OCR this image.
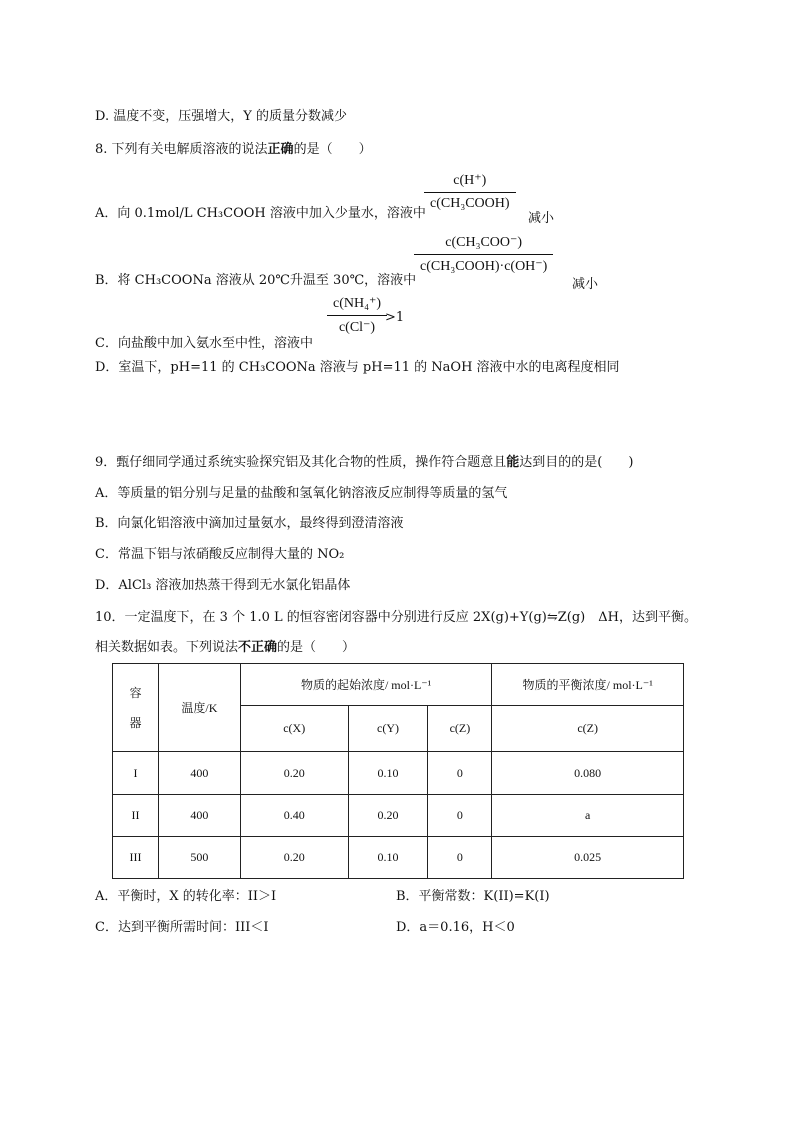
D. 温度不变，压强增大，Y 的质量分数减少
8. 下列有关电解质溶液的说法正确的是（　　）
A．向 0.1mol/L CH₃COOH 溶液中加入少量水，溶液中
c(H⁺)
c(CH₃COOH)
减小
B．将 CH₃COONa 溶液从 20℃升温至 30℃，溶液中
c(CH₃COO⁻)
c(CH₃COOH)·c(OH⁻)
减小
C．向盐酸中加入氨水至中性，溶液中
$\frac{\text{c(NH₄⁺)}}{c(Cl^-)}$
>1
D．室温下，pH=11 的 CH₃COONa 溶液与 pH=11 的 NaOH 溶液中水的电离程度相同
9．甄仔细同学通过系统实验探究铝及其化合物的性质，操作符合题意且能达到目的的是(　　)
A．等质量的铝分别与足量的盐酸和氢氧化钠溶液反应制得等质量的氢气
B．向氯化铝溶液中滴加过量氨水，最终得到澄清溶液
C．常温下铝与浓硝酸反应制得大量的 NO₂
D．AlCl₃ 溶液加热蒸干得到无水氯化铝晶体
10．一定温度下，在 3 个 1.0 L 的恒容密闭容器中分别进行反应 2X(g)+Y(g)⇋Z(g)　ΔH，达到平衡。
相关数据如表。下列说法不正确的是（　　）
容器	温度/K	物质的起始浓度/ mol·L⁻¹			物质的平衡浓度/ mol·L⁻¹
		c(X)	c(Y)	c(Z)	c(Z)
I	400	0.20	0.10	0	0.080
II	400	0.40	0.20	0	a
III	500	0.20	0.10	0	0.025
A．平衡时，X 的转化率：II＞I	B．平衡常数：K(II)=K(I)
C．达到平衡所需时间：III＜I	D．a＝0.16，H＜0
